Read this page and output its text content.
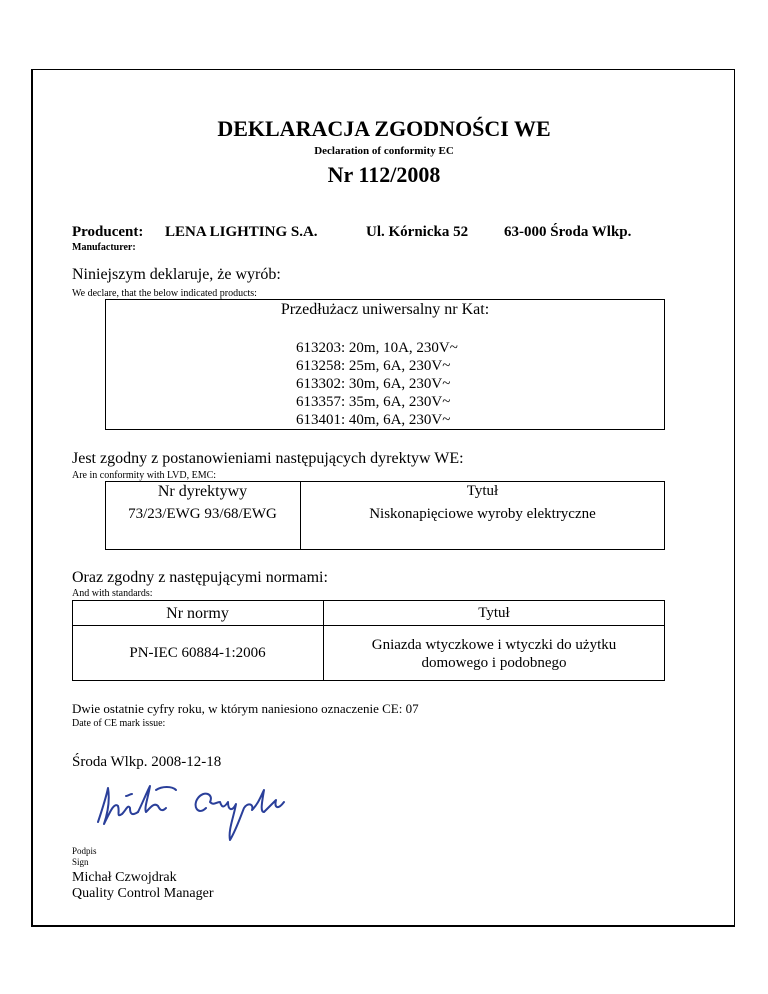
DEKLARACJA ZGODNOŚCI WE
Declaration of conformity EC
Nr 112/2008
Producent: LENA LIGHTING S.A.	Ul. Kórnicka 52 63-000 Środa Wlkp.
Manufacturer:
Niniejszym deklaruje, że wyrób:
We declare, that the below indicated products:
Przedłużacz uniwersalny nr Kat:
613203: 20m, 10A, 230V~
613258: 25m, 6A, 230V~
613302: 30m, 6A, 230V~
613357: 35m, 6A, 230V~
613401: 40m, 6A, 230V~
Jest zgodny z postanowieniami następujących dyrektyw WE:
Are in conformity with LVD, EMC:
Nr dyrektywy	Tytuł
73/23/EWG 93/68/EWG	Niskonapięciowe wyroby elektryczne
Oraz zgodny z następującymi normami:
And with standards:
Nr normy	Tytuł
PN-IEC 60884-1:2006	Gniazda wtyczkowe i wtyczki do użytku
domowego i podobnego
Dwie ostatnie cyfry roku, w którym naniesiono oznaczenie CE: 07
Date of CE mark issue:
Środa Wlkp. 2008-12-18
Podpis
Sign
Michał Czwojdrak
Quality Control Manager
